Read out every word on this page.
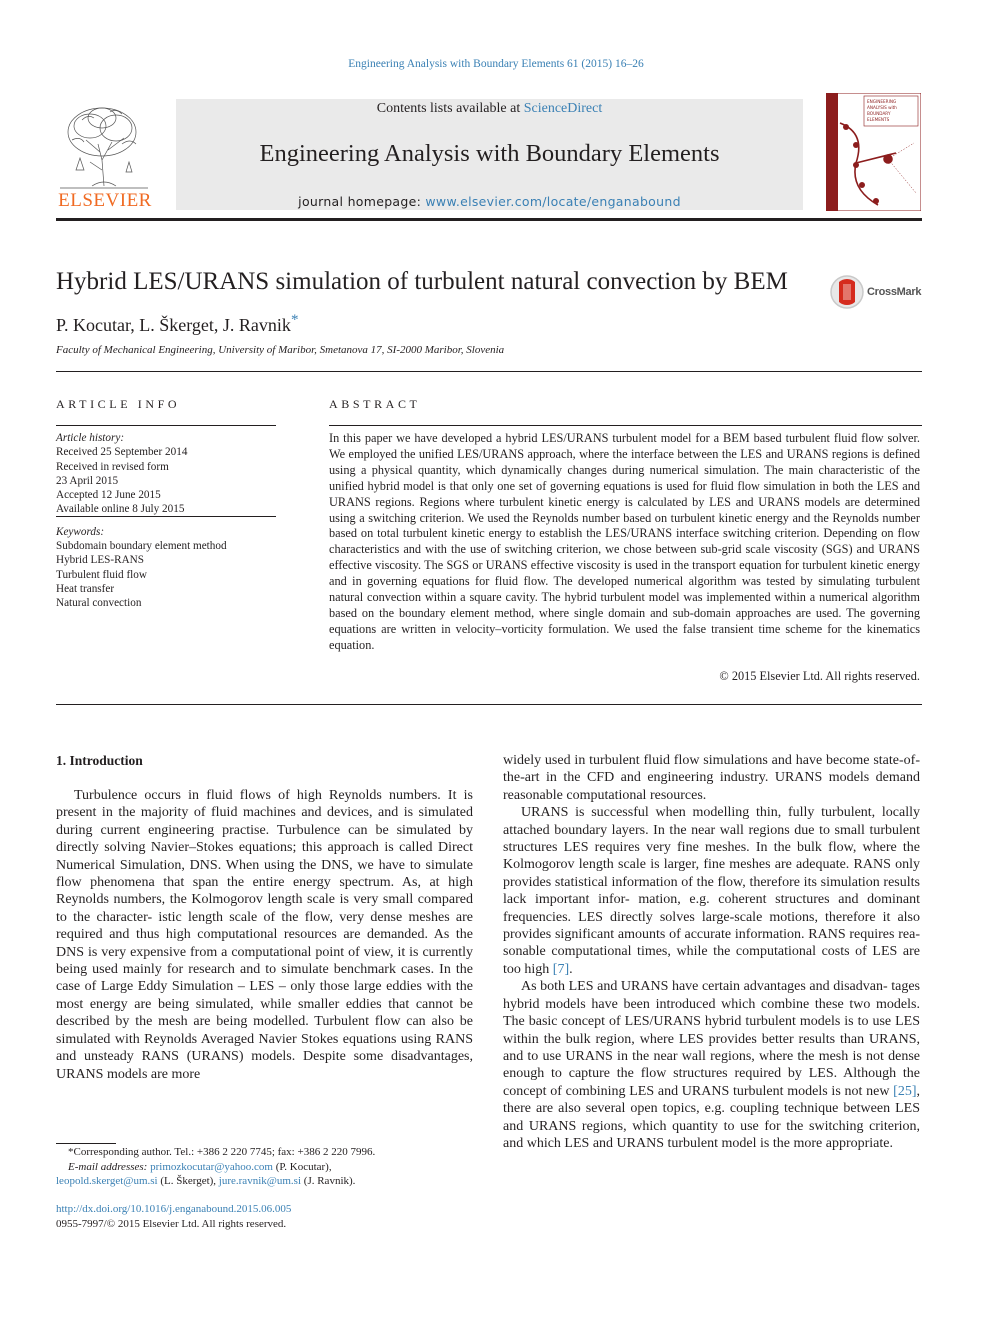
Engineering Analysis with Boundary Elements 61 (2015) 16–26
ELSEVIER
Contents lists available at ScienceDirect
Engineering Analysis with Boundary Elements
journal homepage: www.elsevier.com/locate/enganabound
ENGINEERING
ANALYSIS with
BOUNDARY
ELEMENTS
Hybrid LES/URANS simulation of turbulent natural convection by BEM	CrossMark
P. Kocutar, L. Škerget, J. Ravnik*
Faculty of Mechanical Engineering, University of Maribor, Smetanova 17, SI-2000 Maribor, Slovenia
ARTICLE INFO
Article history:
Received 25 September 2014
Received in revised form
23 April 2015
Accepted 12 June 2015
Available online 8 July 2015
Keywords:
Subdomain boundary element method
Hybrid LES-RANS
Turbulent fluid flow
Heat transfer
Natural convection
ABSTRACT
In this paper we have developed a hybrid LES/URANS turbulent model for a BEM based turbulent fluid flow solver. We employed the unified LES/URANS approach, where the interface between the LES and URANS regions is defined using a physical quantity, which dynamically changes during numerical simulation. The main characteristic of the unified hybrid model is that only one set of governing equations is used for fluid flow simulation in both the LES and URANS regions. Regions where turbulent kinetic energy is calculated by LES and URANS models are determined using a switching criterion. We used the Reynolds number based on turbulent kinetic energy and the Reynolds number based on total turbulent kinetic energy to establish the LES/URANS interface switching criterion. Depending on flow characteristics and with the use of switching criterion, we chose between sub-grid scale viscosity (SGS) and URANS effective viscosity. The SGS or URANS effective viscosity is used in the transport equation for turbulent kinetic energy and in governing equations for fluid flow. The developed numerical algorithm was tested by simulating turbulent natural convection within a square cavity. The hybrid turbulent model was implemented within a numerical algorithm based on the boundary element method, where single domain and sub-domain approaches are used. The governing equations are written in velocity–vorticity formulation. We used the false transient time scheme for the kinematics equation.
© 2015 Elsevier Ltd. All rights reserved.
1. Introduction

Turbulence occurs in fluid flows of high Reynolds numbers. It is present in the majority of fluid machines and devices, and is simulated during current engineering practise. Turbulence can be simulated by directly solving Navier–Stokes equations; this approach is called Direct Numerical Simulation, DNS. When using the DNS, we have to simulate flow phenomena that span the entire energy spectrum. As, at high Reynolds numbers, the Kolmogorov length scale is very small compared to the character- istic length scale of the flow, very dense meshes are required and thus high computational resources are demanded. As the DNS is very expensive from a computational point of view, it is currently being used mainly for research and to simulate benchmark cases. In the case of Large Eddy Simulation – LES – only those large eddies with the most energy are being simulated, while smaller eddies that cannot be described by the mesh are being modelled. Turbulent flow can also be simulated with Reynolds Averaged Navier Stokes equations using RANS and unsteady RANS (URANS) models. Despite some disadvantages, URANS models are more

widely used in turbulent fluid flow simulations and have become state-of-the-art in the CFD and engineering industry. URANS models demand reasonable computational resources.

URANS is successful when modelling thin, fully turbulent, locally attached boundary layers. In the near wall regions due to small turbulent structures LES requires very fine meshes. In the bulk flow, where the Kolmogorov length scale is larger, fine meshes are adequate. RANS only provides statistical information of the flow, therefore its simulation results lack important infor- mation, e.g. coherent structures and dominant frequencies. LES directly solves large-scale motions, therefore it also provides significant amounts of accurate information. RANS requires rea- sonable computational times, while the computational costs of LES are too high [7].

As both LES and URANS have certain advantages and disadvan- tages hybrid models have been introduced which combine these two models. The basic concept of LES/URANS hybrid turbulent models is to use LES within the bulk region, where LES provides better results than URANS, and to use URANS in the near wall regions, where the mesh is not dense enough to capture the flow structures required by LES. Although the concept of combining LES and URANS turbulent models is not new [25], there are also several open topics, e.g. coupling technique between LES and URANS regions, which quantity to use for the switching criterion, and which LES and URANS turbulent model is the more appropriate.

*Corresponding author. Tel.: +386 2 220 7745; fax: +386 2 220 7996.
E-mail addresses: primozkocutar@yahoo.com (P. Kocutar),
leopold.skerget@um.si (L. Škerget), jure.ravnik@um.si (J. Ravnik).
http://dx.doi.org/10.1016/j.enganabound.2015.06.005
0955-7997/© 2015 Elsevier Ltd. All rights reserved.
